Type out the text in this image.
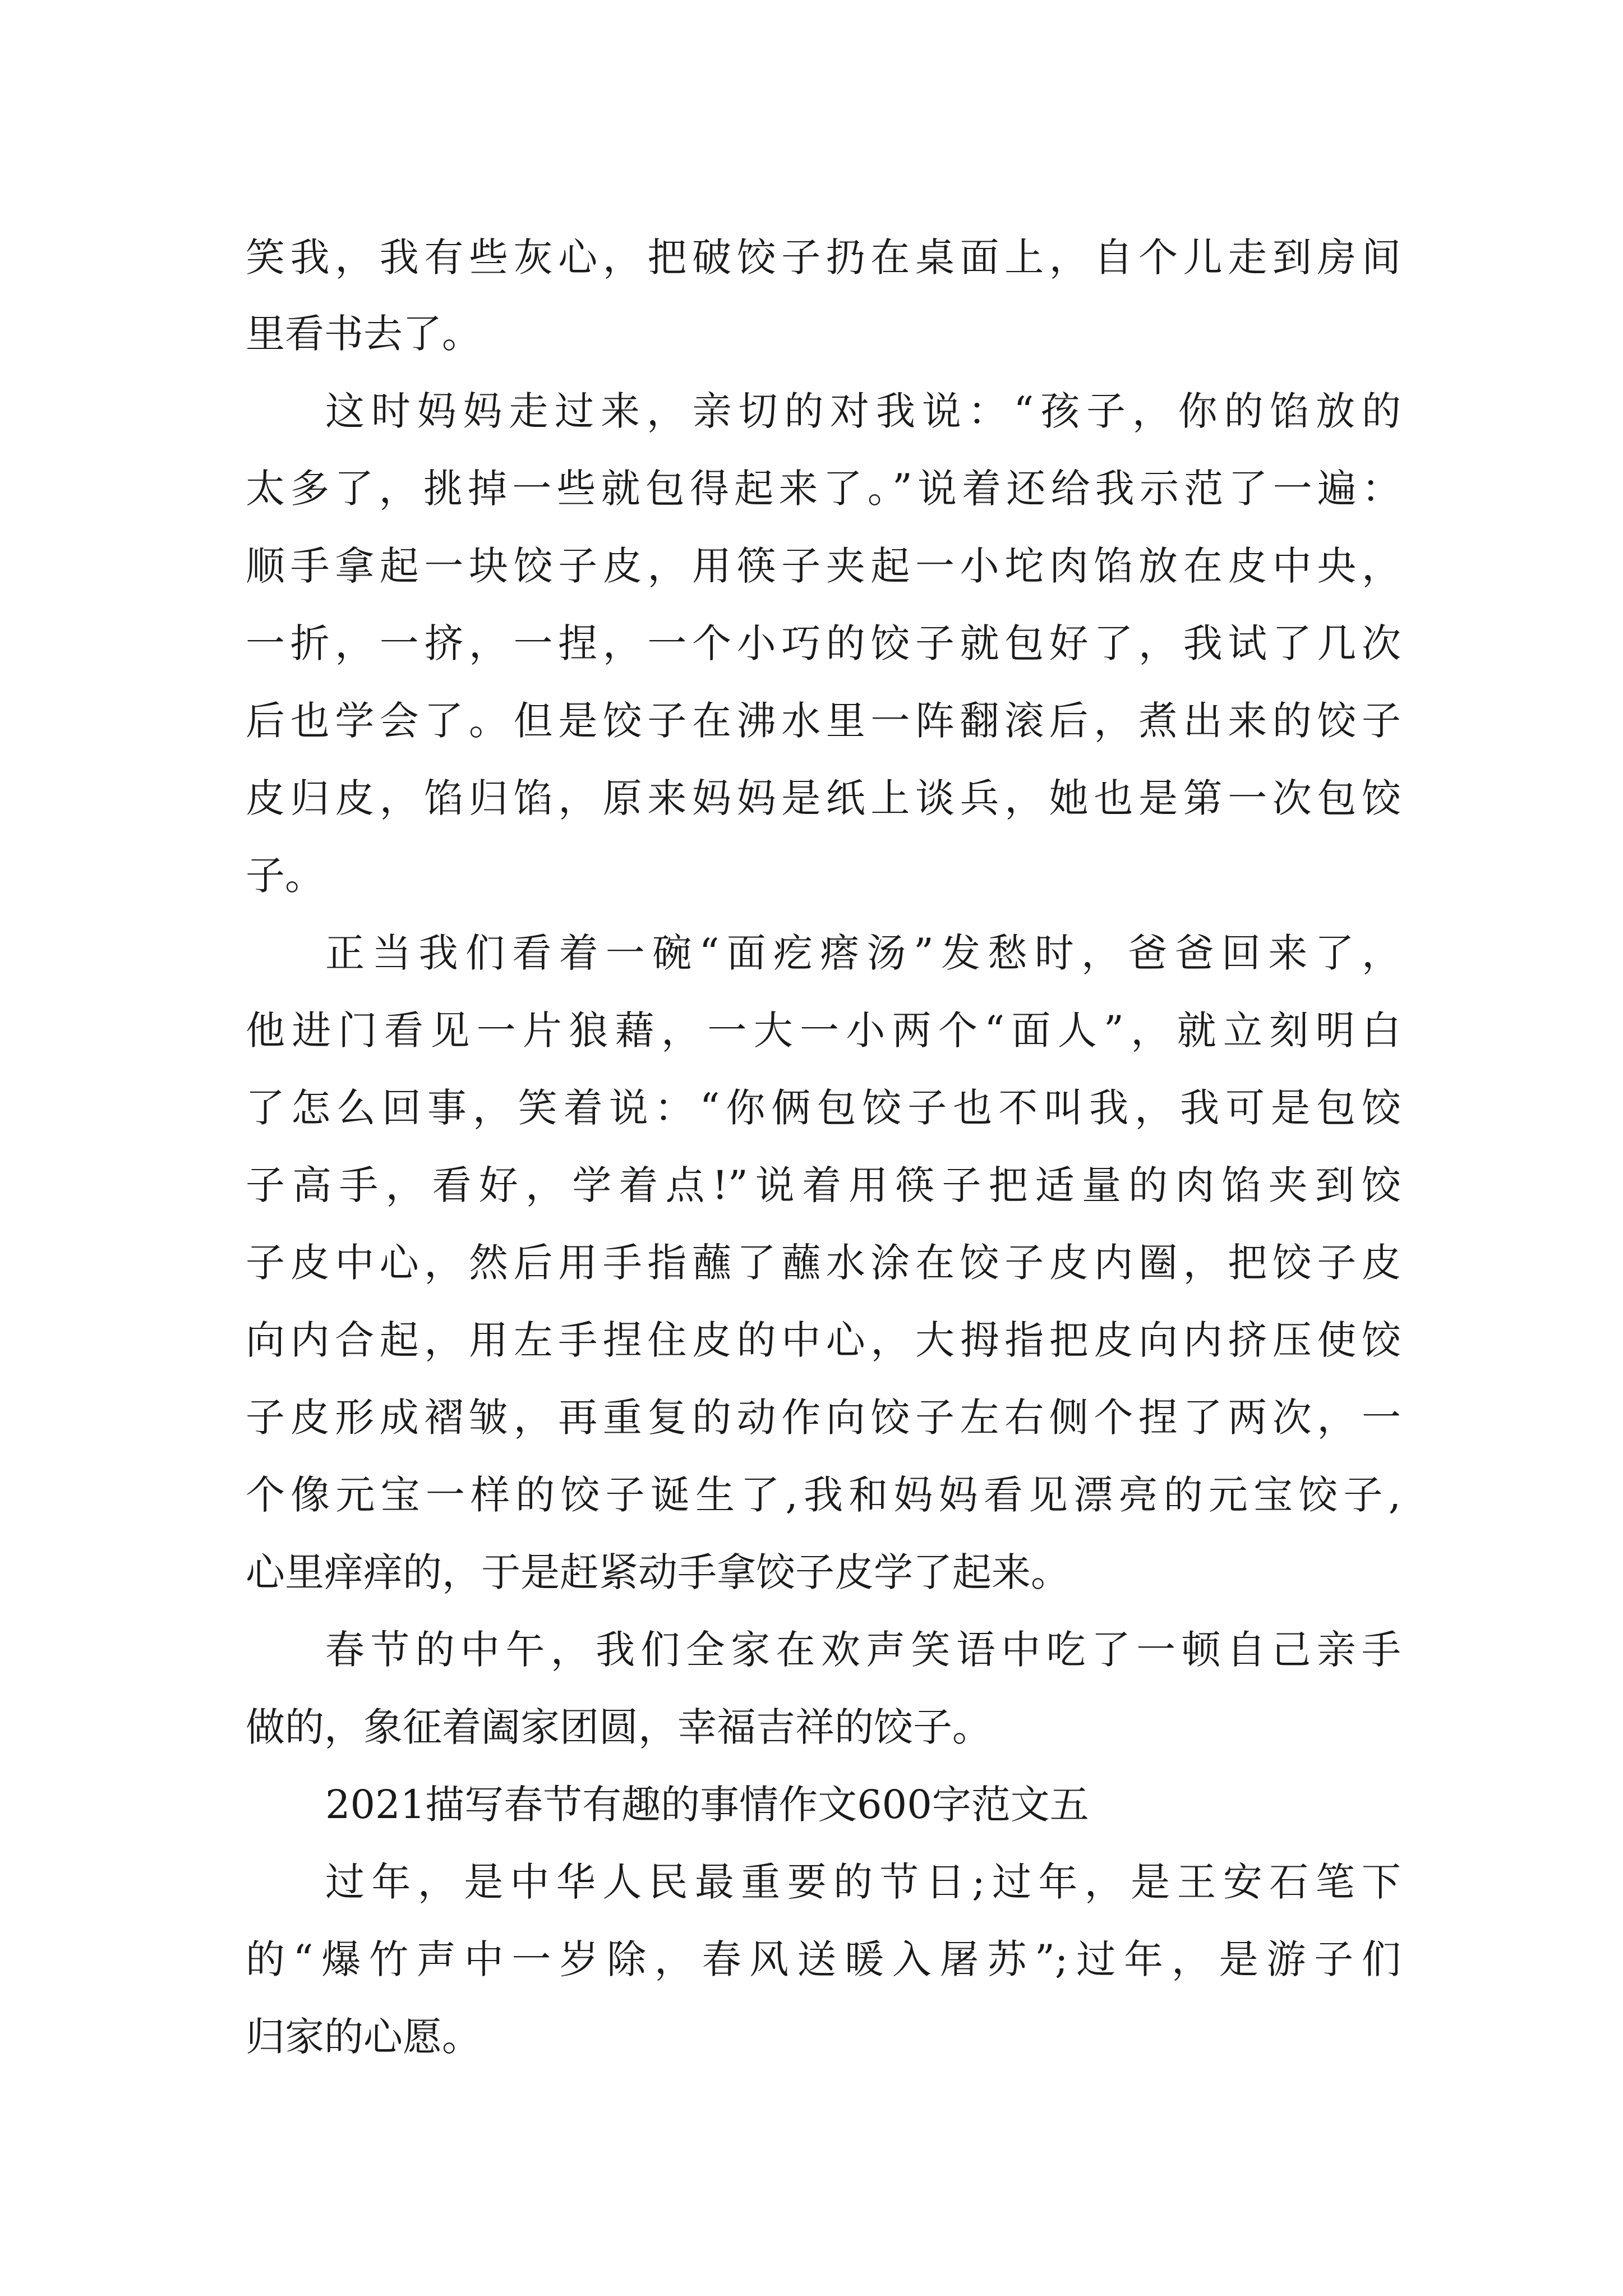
笑我，我有些灰心，把破饺子扔在桌面上，自个儿走到房间
里看书去了。
这时妈妈走过来，亲切的对我说：“孩子，你的馅放的
太多了，挑掉一些就包得起来了。”说着还给我示范了一遍：
顺手拿起一块饺子皮，用筷子夹起一小坨肉馅放在皮中央，
一折，一挤，一捏，一个小巧的饺子就包好了，我试了几次
后也学会了。但是饺子在沸水里一阵翻滚后，煮出来的饺子
皮归皮，馅归馅，原来妈妈是纸上谈兵，她也是第一次包饺
子。
正当我们看着一碗“面疙瘩汤”发愁时，爸爸回来了，
他进门看见一片狼藉，一大一小两个“面人”，就立刻明白
了怎么回事，笑着说：“你俩包饺子也不叫我，我可是包饺
子高手，看好，学着点!”说着用筷子把适量的肉馅夹到饺
子皮中心，然后用手指蘸了蘸水涂在饺子皮内圈，把饺子皮
向内合起，用左手捏住皮的中心，大拇指把皮向内挤压使饺
子皮形成褶皱，再重复的动作向饺子左右侧个捏了两次，一
个像元宝一样的饺子诞生了,我和妈妈看见漂亮的元宝饺子,
心里痒痒的，于是赶紧动手拿饺子皮学了起来。
春节的中午，我们全家在欢声笑语中吃了一顿自己亲手
做的，象征着阖家团圆，幸福吉祥的饺子。
2021描写春节有趣的事情作文600字范文五
过年，是中华人民最重要的节日;过年，是王安石笔下
的“爆竹声中一岁除，春风送暖入屠苏”;过年，是游子们
归家的心愿。
